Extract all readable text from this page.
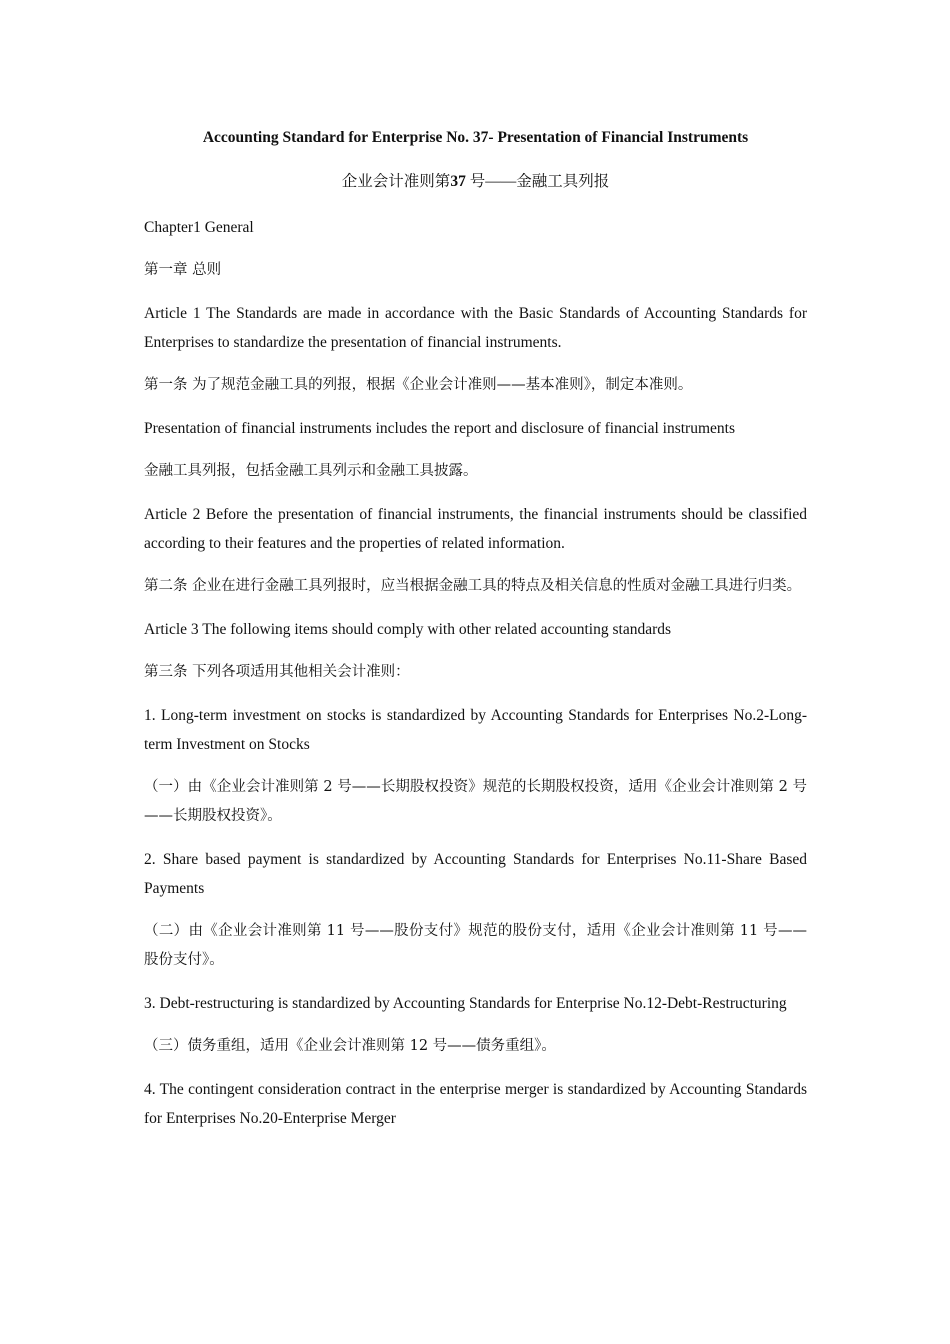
Accounting Standard for Enterprise No. 37- Presentation of Financial Instruments
企业会计准则第37 号——金融工具列报

Chapter1 General

第一章 总则

Article 1 The Standards are made in accordance with the Basic Standards of Accounting Standards for Enterprises to standardize the presentation of financial instruments.

第一条 为了规范金融工具的列报，根据《企业会计准则——基本准则》，制定本准则。

Presentation of financial instruments includes the report and disclosure of financial instruments

金融工具列报，包括金融工具列示和金融工具披露。

Article 2 Before the presentation of financial instruments, the financial instruments should be classified according to their features and the properties of related information.

第二条 企业在进行金融工具列报时，应当根据金融工具的特点及相关信息的性质对金融工具进行归类。

Article 3 The following items should comply with other related accounting standards

第三条 下列各项适用其他相关会计准则：

1. Long-term investment on stocks is standardized by Accounting Standards for Enterprises No.2-Long-term Investment on Stocks

（一）由《企业会计准则第 2 号——长期股权投资》规范的长期股权投资，适用《企业会计准则第 2 号——长期股权投资》。

2. Share based payment is standardized by Accounting Standards for Enterprises No.11-Share Based Payments

（二）由《企业会计准则第 11 号——股份支付》规范的股份支付，适用《企业会计准则第 11 号——股份支付》。

3. Debt-restructuring is standardized by Accounting Standards for Enterprise No.12-Debt-Restructuring

（三）债务重组，适用《企业会计准则第 12 号——债务重组》。

4. The contingent consideration contract in the enterprise merger is standardized by Accounting Standards for Enterprises No.20-Enterprise Merger
